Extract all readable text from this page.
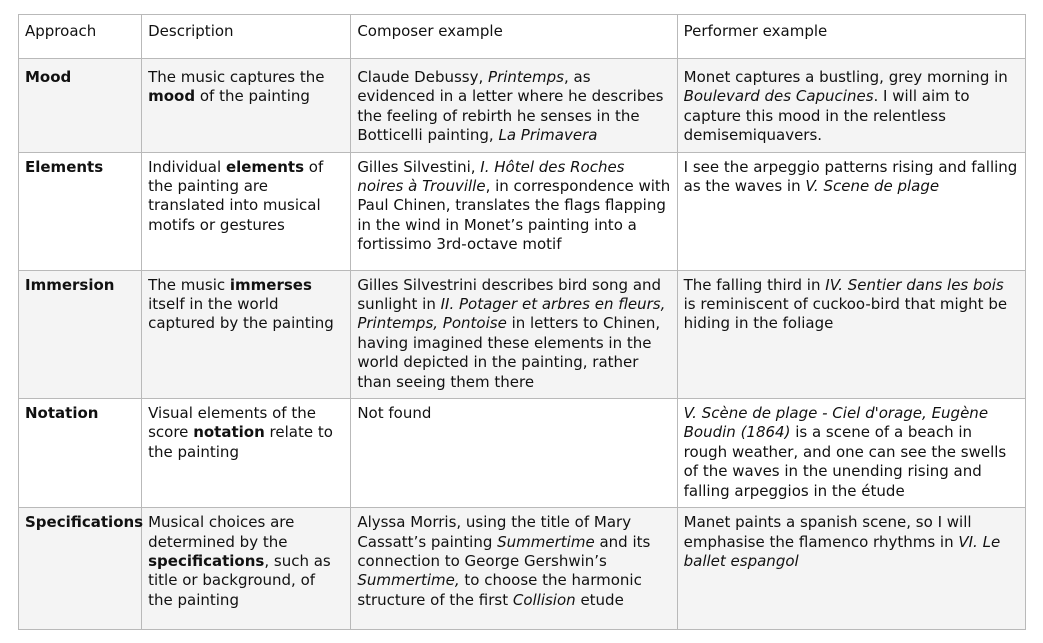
Approach	Description	Composer example	Performer example
Mood	The music captures the mood of the painting	Claude Debussy, Printemps, as evidenced in a letter where he describes the feeling of rebirth he senses in the Botticelli painting, La Primavera	Monet captures a bustling, grey morning in Boulevard des Capucines. I will aim to capture this mood in the relentless demisemiquavers.
Elements	Individual elements of the painting are translated into musical motifs or gestures	Gilles Silvestini, I. Hôtel des Roches noires à Trouville, in correspondence with Paul Chinen, translates the flags flapping in the wind in Monet’s painting into a fortissimo 3rd-octave motif	I see the arpeggio patterns rising and falling as the waves in V. Scene de plage
Immersion	The music immerses itself in the world captured by the painting	Gilles Silvestrini describes bird song and sunlight in II. Potager et arbres en fleurs, Printemps, Pontoise in letters to Chinen, having imagined these elements in the world depicted in the painting, rather than seeing them there	The falling third in IV. Sentier dans les bois is reminiscent of cuckoo-bird that might be hiding in the foliage
Notation	Visual elements of the score notation relate to the painting	Not found	V. Scène de plage - Ciel d'orage, Eugène Boudin (1864) is a scene of a beach in rough weather, and one can see the swells of the waves in the unending rising and falling arpeggios in the étude
Specifications	Musical choices are determined by the specifications, such as title or background, of the painting	Alyssa Morris, using the title of Mary Cassatt’s painting Summertime and its connection to George Gershwin’s Summertime, to choose the harmonic structure of the first Collision etude	Manet paints a spanish scene, so I will emphasise the flamenco rhythms in VI. Le ballet espangol
